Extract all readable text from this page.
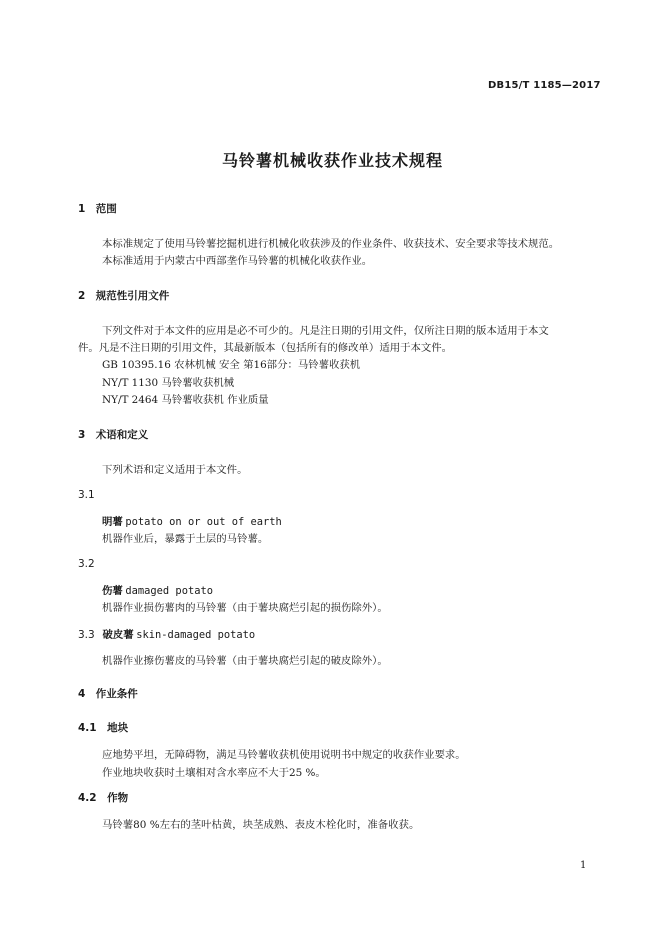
DB15/T 1185—2017
马铃薯机械收获作业技术规程
1　范围
本标准规定了使用马铃薯挖掘机进行机械化收获涉及的作业条件、收获技术、安全要求等技术规范。
本标准适用于内蒙古中西部垄作马铃薯的机械化收获作业。
2　规范性引用文件
下列文件对于本文件的应用是必不可少的。凡是注日期的引用文件，仅所注日期的版本适用于本文
件。凡是不注日期的引用文件，其最新版本（包括所有的修改单）适用于本文件。
GB 10395.16 农林机械 安全 第16部分：马铃薯收获机
NY/T 1130 马铃薯收获机械
NY/T 2464 马铃薯收获机 作业质量
3　术语和定义
下列术语和定义适用于本文件。
3.1
明薯 potato on or out of earth
机器作业后，暴露于土层的马铃薯。
3.2
伤薯 damaged potato
机器作业损伤薯肉的马铃薯（由于薯块腐烂引起的损伤除外）。
3.3 破皮薯 skin-damaged potato
机器作业擦伤薯皮的马铃薯（由于薯块腐烂引起的破皮除外）。
4　作业条件
4.1　地块
应地势平坦，无障碍物，满足马铃薯收获机使用说明书中规定的收获作业要求。
作业地块收获时土壤相对含水率应不大于25 %。
4.2　作物
马铃薯80 %左右的茎叶枯黄，块茎成熟、表皮木栓化时，准备收获。
1
